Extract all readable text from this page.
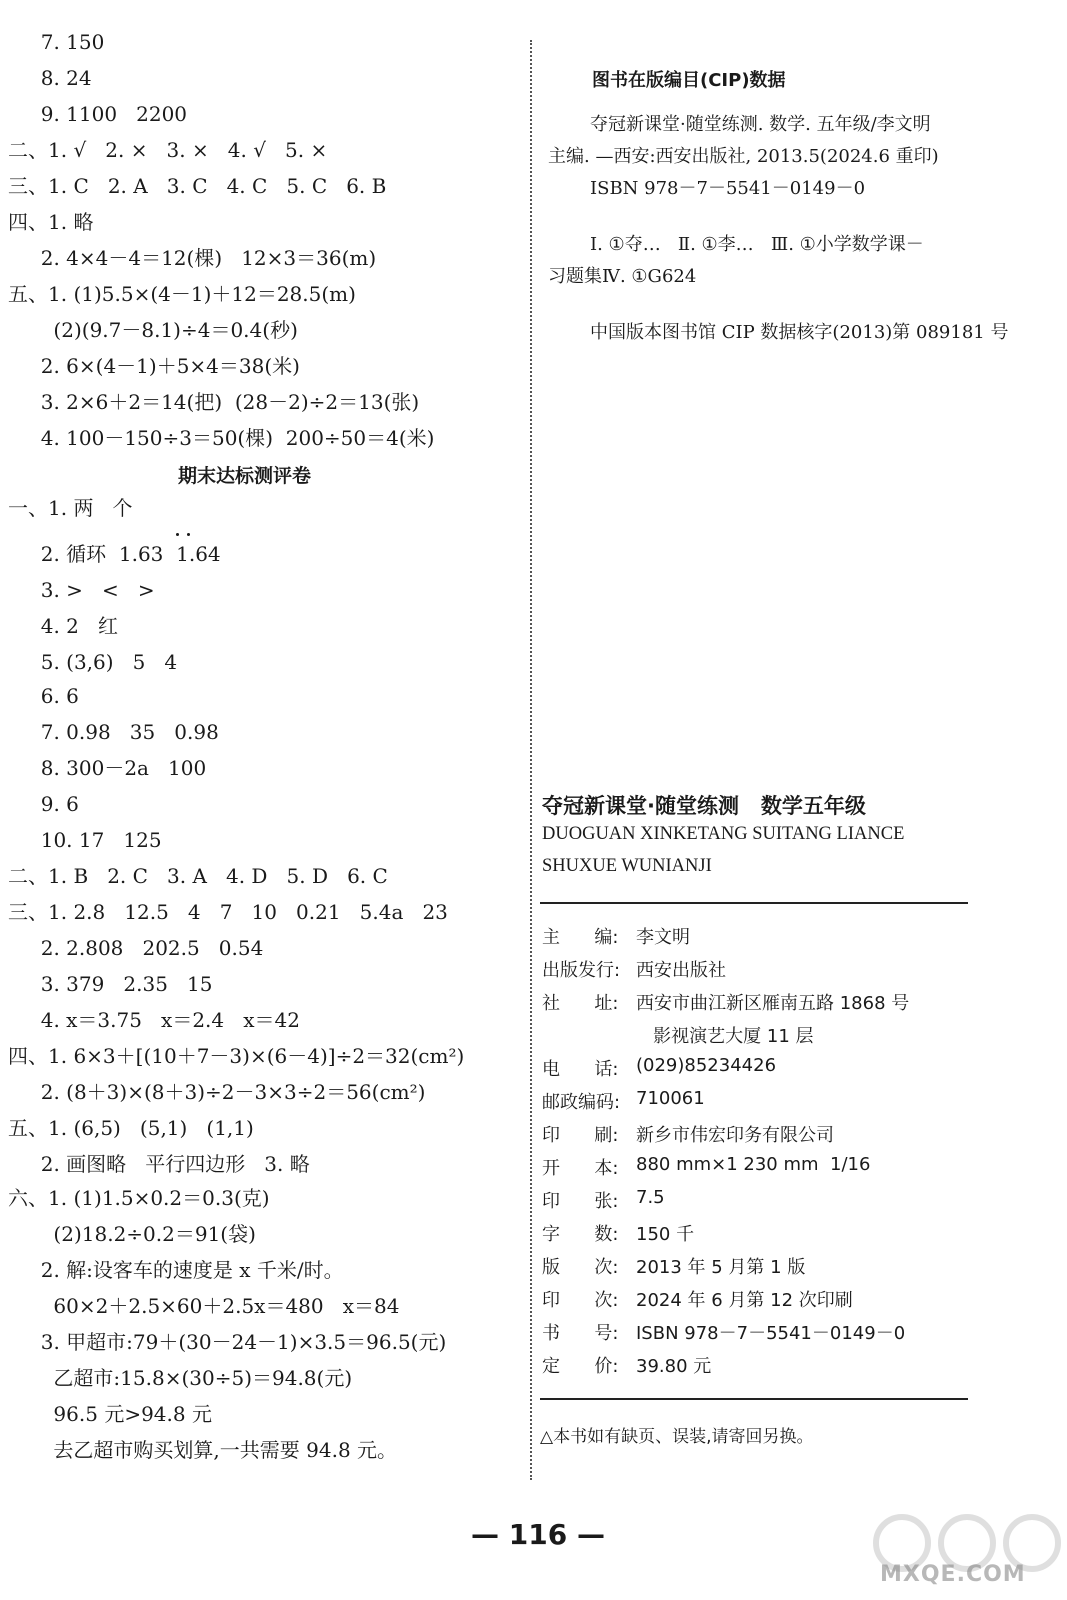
7. 150
8. 24
9. 1100   2200
二、1. √   2. ×   3. ×   4. √   5. ×
三、1. C   2. A   3. C   4. C   5. C   6. B
四、1. 略
2. 4×4－4＝12(棵)   12×3＝36(m)
五、1. (1)5.5×(4－1)＋12＝28.5(m)
(2)(9.7－8.1)÷4＝0.4(秒)
2. 6×(4－1)＋5×4＝38(米)
3. 2×6＋2＝14(把)  (28－2)÷2＝13(张)
4. 100－150÷3＝50(棵)  200÷50＝4(米)
期末达标测评卷
一、1. 两   个
2. 循环  1.63  1.64
3. >   <   >
4. 2   红
5. (3,6)   5   4
6. 6
7. 0.98   35   0.98
8. 300－2a   100
9. 6
10. 17   125
二、1. B   2. C   3. A   4. D   5. D   6. C
三、1. 2.8   12.5   4   7   10   0.21   5.4a   23
2. 2.808   202.5   0.54
3. 379   2.35   15
4. x＝3.75   x＝2.4   x＝42
四、1. 6×3＋[(10＋7－3)×(6－4)]÷2＝32(cm²)
2. (8＋3)×(8＋3)÷2－3×3÷2＝56(cm²)
五、1. (6,5)   (5,1)   (1,1)
2. 画图略   平行四边形   3. 略
六、1. (1)1.5×0.2＝0.3(克)
(2)18.2÷0.2＝91(袋)
2. 解:设客车的速度是 x 千米/时。
60×2＋2.5×60＋2.5x＝480   x＝84
3. 甲超市:79＋(30－24－1)×3.5＝96.5(元)
乙超市:15.8×(30÷5)＝94.8(元)
96.5 元>94.8 元
去乙超市购买划算,一共需要 94.8 元。
图书在版编目(CIP)数据
夺冠新课堂·随堂练测. 数学. 五年级/李文明
主编. —西安:西安出版社, 2013.5(2024.6 重印)
ISBN 978－7－5541－0149－0
Ⅰ. ①夺…   Ⅱ. ①李…   Ⅲ. ①小学数学课－
习题集Ⅳ. ①G624
中国版本图书馆 CIP 数据核字(2013)第 089181 号
夺冠新课堂·随堂练测   数学五年级
DUOGUAN XINKETANG SUITANG LIANCE
SHUXUE WUNIANJI
主      编: 李文明
出版发行: 西安出版社
社      址: 西安市曲江新区雁南五路 1868 号
影视演艺大厦 11 层
电      话: (029)85234426
邮政编码: 710061
印      刷: 新乡市伟宏印务有限公司
开      本: 880 mm×1 230 mm  1/16
印      张: 7.5
字      数: 150 千
版      次: 2013 年 5 月第 1 版
印      次: 2024 年 6 月第 12 次印刷
书      号: ISBN 978－7－5541－0149－0
定      价: 39.80 元
△本书如有缺页、误装,请寄回另换。
— 116 —
MXQE.COM
